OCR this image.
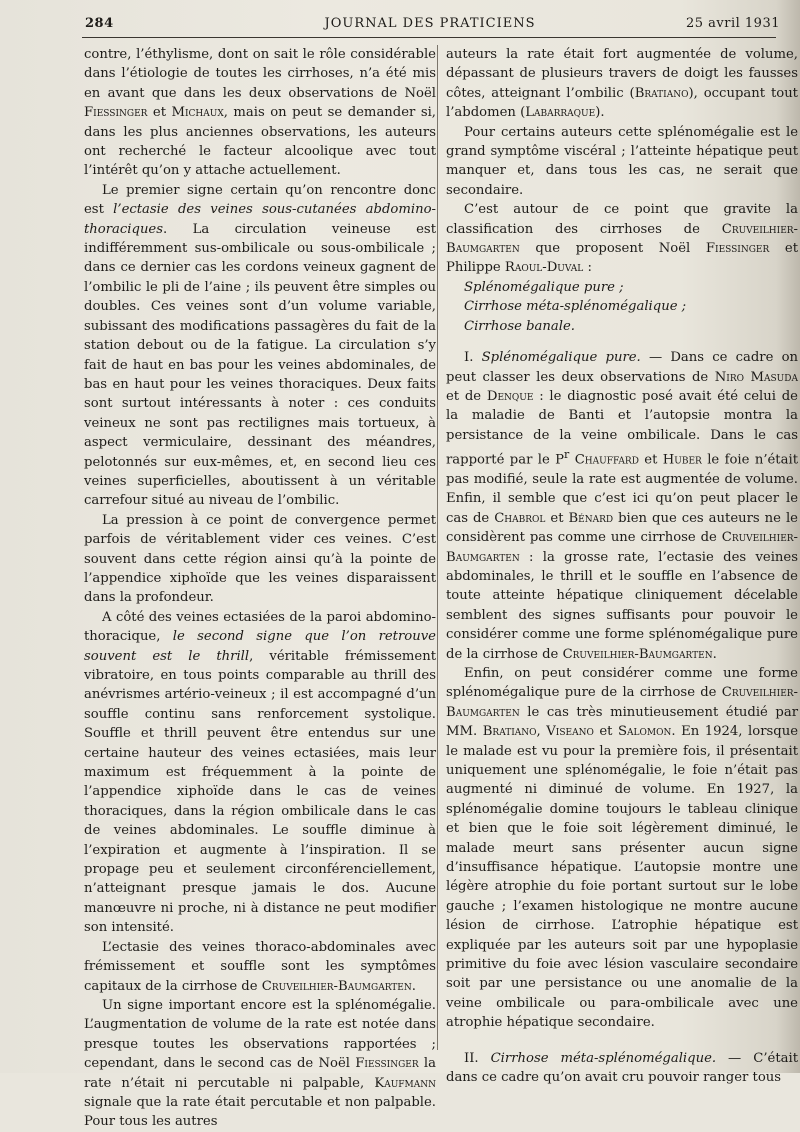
284	JOURNAL DES PRATICIENS	25 avril 1931

contre, l’éthylisme, dont on sait le rôle considérable dans l’étiologie de toutes les cirrhoses, n’a été mis en avant que dans les deux observations de Noël Fiessinger et Michaux, mais on peut se demander si, dans les plus anciennes observations, les auteurs ont recherché le facteur alcoolique avec tout l’intérêt qu’on y attache actuellement.

Le premier signe certain qu’on rencontre donc est l’ectasie des veines sous-cutanées abdomino-thoraciques. La circulation veineuse est indifféremment sus-ombilicale ou sous-ombilicale ; dans ce dernier cas les cordons veineux gagnent de l’ombilic le pli de l’aine ; ils peuvent être simples ou doubles. Ces veines sont d’un volume variable, subissant des modifications passagères du fait de la station debout ou de la fatigue. La circulation s’y fait de haut en bas pour les veines abdominales, de bas en haut pour les veines thoraciques. Deux faits sont surtout intéressants à noter : ces conduits veineux ne sont pas rectilignes mais tortueux, à aspect vermiculaire, dessinant des méandres, pelotonnés sur eux-mêmes, et, en second lieu ces veines superficielles, aboutissent à un véritable carrefour situé au niveau de l’ombilic.

La pression à ce point de convergence permet parfois de véritablement vider ces veines. C’est souvent dans cette région ainsi qu’à la pointe de l’appendice xiphoïde que les veines disparaissent dans la profondeur.

A côté des veines ectasiées de la paroi abdomino-thoracique, le second signe que l’on retrouve souvent est le thrill, véritable frémissement vibratoire, en tous points comparable au thrill des anévrismes artério-veineux ; il est accompagné d’un souffle continu sans renforcement systolique. Souffle et thrill peuvent être entendus sur une certaine hauteur des veines ectasiées, mais leur maximum est fréquemment à la pointe de l’appendice xiphoïde dans le cas de veines thoraciques, dans la région ombilicale dans le cas de veines abdominales. Le souffle diminue à l’expiration et augmente à l’inspiration. Il se propage peu et seulement circonférenciellement, n’atteignant presque jamais le dos. Aucune manœuvre ni proche, ni à distance ne peut modifier son intensité.

L’ectasie des veines thoraco-abdominales avec frémissement et souffle sont les symptômes capitaux de la cirrhose de Cruveilhier-Baumgarten.

Un signe important encore est la splénomégalie. L’augmentation de volume de la rate est notée dans presque toutes les observations rapportées ; cependant, dans le second cas de Noël Fiessinger la rate n’était ni percutable ni palpable, Kaufmann signale que la rate était percutable et non palpable. Pour tous les autres

auteurs la rate était fort augmentée de volume, dépassant de plusieurs travers de doigt les fausses côtes, atteignant l’ombilic (Bratiano), occupant tout l’abdomen (Labarraque).

Pour certains auteurs cette splénomégalie est le grand symptôme viscéral ; l’atteinte hépatique peut manquer et, dans tous les cas, ne serait que secondaire.

C’est autour de ce point que gravite la classification des cirrhoses de Cruveilhier-Baumgarten que proposent Noël Fiessinger et Philippe Raoul-Duval :

Splénomégalique pure ;

Cirrhose méta-splénomégalique ;

Cirrhose banale.

I. Splénomégalique pure. — Dans ce cadre on peut classer les deux observations de Niro Masuda et de Denque : le diagnostic posé avait été celui de la maladie de Banti et l’autopsie montra la persistance de la veine ombilicale. Dans le cas rapporté par le $P^r$ Chauffard et Huber le foie n’était pas modifié, seule la rate est augmentée de volume. Enfin, il semble que c’est ici qu’on peut placer le cas de Chabrol et Bénard bien que ces auteurs ne le considèrent pas comme une cirrhose de Cruveilhier-Baumgarten : la grosse rate, l’ectasie des veines abdominales, le thrill et le souffle en l’absence de toute atteinte hépatique cliniquement décelable semblent des signes suffisants pour pouvoir le considérer comme une forme splénomégalique pure de la cirrhose de Cruveilhier-Baumgarten.

Enfin, on peut considérer comme une forme splénomégalique pure de la cirrhose de Cruveilhier-Baumgarten le cas très minutieusement étudié par MM. Bratiano, Viseano et Salomon. En 1924, lorsque le malade est vu pour la première fois, il présentait uniquement une splénomégalie, le foie n’était pas augmenté ni diminué de volume. En 1927, la splénomégalie domine toujours le tableau clinique et bien que le foie soit légèrement diminué, le malade meurt sans présenter aucun signe d’insuffisance hépatique. L’autopsie montre une légère atrophie du foie portant surtout sur le lobe gauche ; l’examen histologique ne montre aucune lésion de cirrhose. L’atrophie hépatique est expliquée par les auteurs soit par une hypoplasie primitive du foie avec lésion vasculaire secondaire soit par une persistance ou une anomalie de la veine ombilicale ou para-ombilicale avec une atrophie hépatique secondaire.

II. Cirrhose méta-splénomégalique. — C’était dans ce cadre qu’on avait cru pouvoir ranger tous
